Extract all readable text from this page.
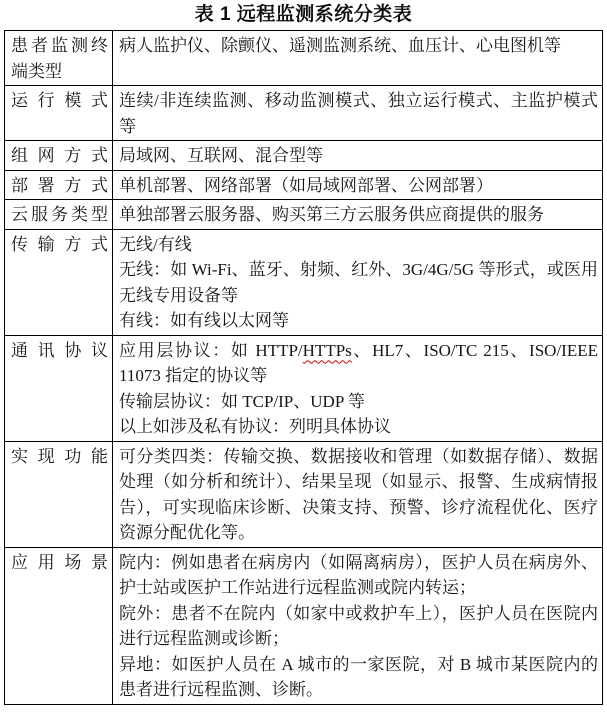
表 1 远程监测系统分类表
患者监测终端类型	病人监护仪、除颤仪、遥测监测系统、血压计、心电图机等

运行模式	连续/非连续监测、移动监测模式、独立运行模式、主监护模式等

组网方式	局域网、互联网、混合型等

部署方式	单机部署、网络部署（如局域网部署、公网部署）

云服务类型	单独部署云服务器、购买第三方云服务供应商提供的服务

传输方式	无线/有线
无线：如 Wi-Fi、蓝牙、射频、红外、3G/4G/5G 等形式，或医用无线专用设备等
有线：如有线以太网等

通讯协议	应用层协议：如 HTTP/HTTPs、HL7、ISO/TC 215、ISO/IEEE 11073 指定的协议等
传输层协议：如 TCP/IP、UDP 等
以上如涉及私有协议：列明具体协议

实现功能	可分类四类：传输交换、数据接收和管理（如数据存储）、数据处理（如分析和统计）、结果呈现（如显示、报警、生成病情报告），可实现临床诊断、决策支持、预警、诊疗流程优化、医疗资源分配优化等。

应用场景	院内：例如患者在病房内（如隔离病房），医护人员在病房外、护士站或医护工作站进行远程监测或院内转运；
院外：患者不在院内（如家中或救护车上），医护人员在医院内进行远程监测或诊断；
异地：如医护人员在 A 城市的一家医院，对 B 城市某医院内的患者进行远程监测、诊断。
